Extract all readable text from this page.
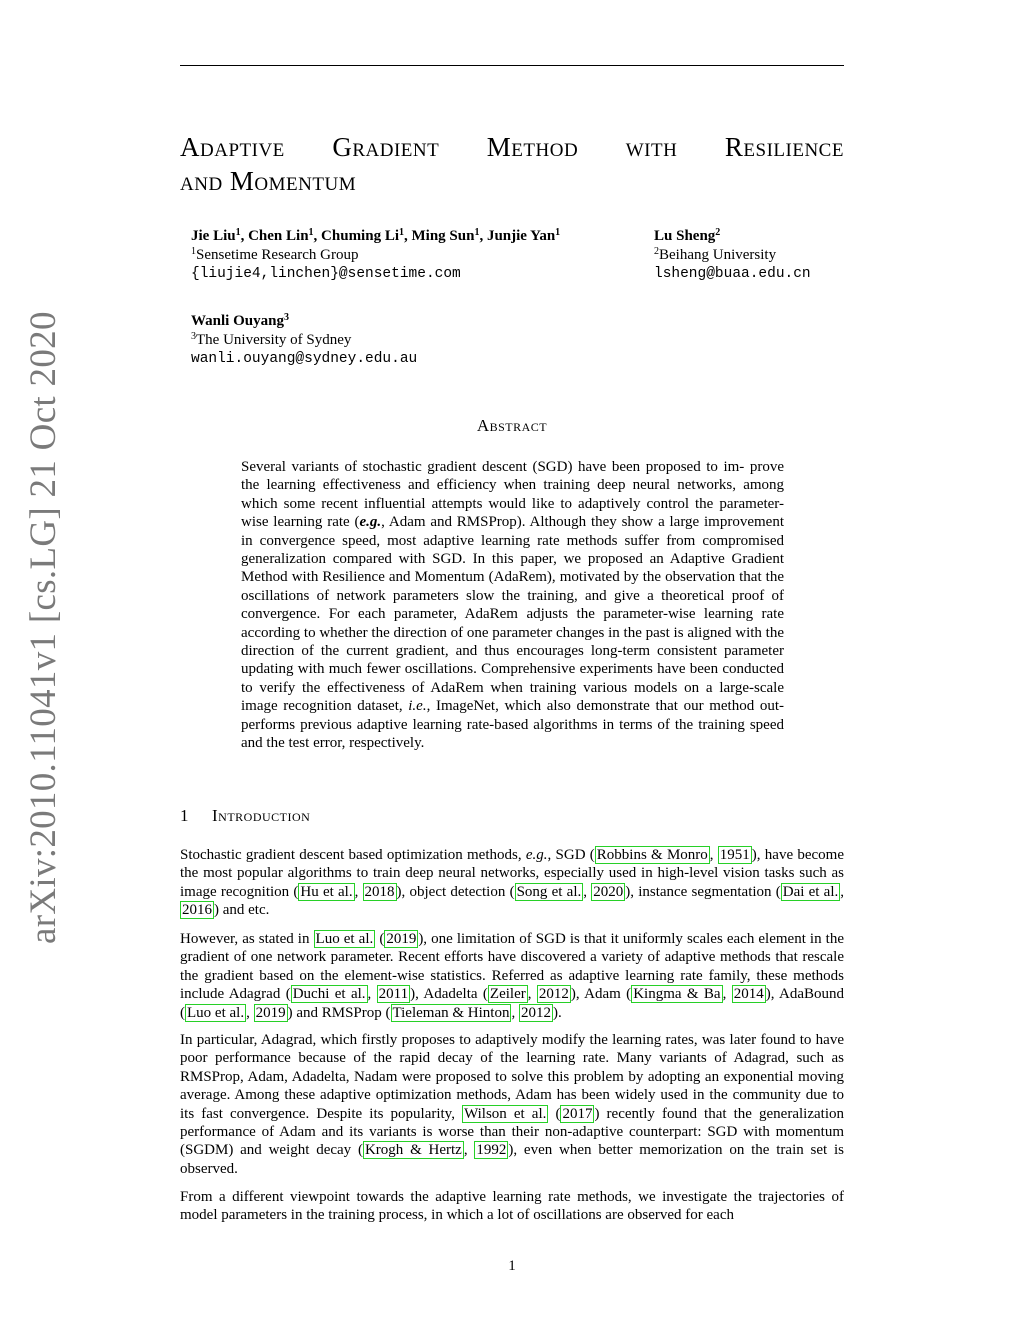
arXiv:2010.11041v1 [cs.LG] 21 Oct 2020
Adaptive Gradient Method with Resilience
and Momentum
Jie Liu$^1$, Chen Lin$^1$, Chuming Li$^1$, Ming Sun$^1$, Junjie Yan$^1$
$^1$Sensetime Research Group
{liujie4,linchen}@sensetime.com
Lu Sheng$^2$
$^2$Beihang University
lsheng@buaa.edu.cn
Wanli Ouyang$^3$
$^3$The University of Sydney
wanli.ouyang@sydney.edu.au
Abstract
Several variants of stochastic gradient descent (SGD) have been proposed to im- prove the learning effectiveness and efficiency when training deep neural networks, among which some recent influential attempts would like to adaptively control the parameter-wise learning rate (e.g., Adam and RMSProp). Although they show a large improvement in convergence speed, most adaptive learning rate methods suffer from compromised generalization compared with SGD. In this paper, we proposed an Adaptive Gradient Method with Resilience and Momentum (AdaRem), motivated by the observation that the oscillations of network parameters slow the training, and give a theoretical proof of convergence. For each parameter, AdaRem adjusts the parameter-wise learning rate according to whether the direction of one parameter changes in the past is aligned with the direction of the current gradient, and thus encourages long-term consistent parameter updating with much fewer oscillations. Comprehensive experiments have been conducted to verify the effectiveness of AdaRem when training various models on a large-scale image recognition dataset, i.e., ImageNet, which also demonstrate that our method out- performs previous adaptive learning rate-based algorithms in terms of the training speed and the test error, respectively.
1 Introduction
Stochastic gradient descent based optimization methods, e.g., SGD ( Robbins & Monro , 1951 ), have become the most popular algorithms to train deep neural networks, especially used in high-level vision tasks such as image recognition ( Hu et al. , 2018 ), object detection ( Song et al. , 2020 ), instance segmentation ( Dai et al. , 2016 ) and etc.
However, as stated in Luo et al. ( 2019 ), one limitation of SGD is that it uniformly scales each element in the gradient of one network parameter. Recent efforts have discovered a variety of adaptive methods that rescale the gradient based on the element-wise statistics. Referred as adaptive learning rate family, these methods include Adagrad ( Duchi et al. , 2011 ), Adadelta ( Zeiler , 2012 ), Adam ( Kingma & Ba , 2014 ), AdaBound ( Luo et al. , 2019 ) and RMSProp ( Tieleman & Hinton , 2012 ).
In particular, Adagrad, which firstly proposes to adaptively modify the learning rates, was later found to have poor performance because of the rapid decay of the learning rate. Many variants of Adagrad, such as RMSProp, Adam, Adadelta, Nadam were proposed to solve this problem by adopting an exponential moving average. Among these adaptive optimization methods, Adam has been widely used in the community due to its fast convergence. Despite its popularity, Wilson et al. ( 2017 ) recently found that the generalization performance of Adam and its variants is worse than their non-adaptive counterpart: SGD with momentum (SGDM) and weight decay ( Krogh & Hertz , 1992 ), even when better memorization on the train set is observed.
From a different viewpoint towards the adaptive learning rate methods, we investigate the trajectories of model parameters in the training process, in which a lot of oscillations are observed for each
1
